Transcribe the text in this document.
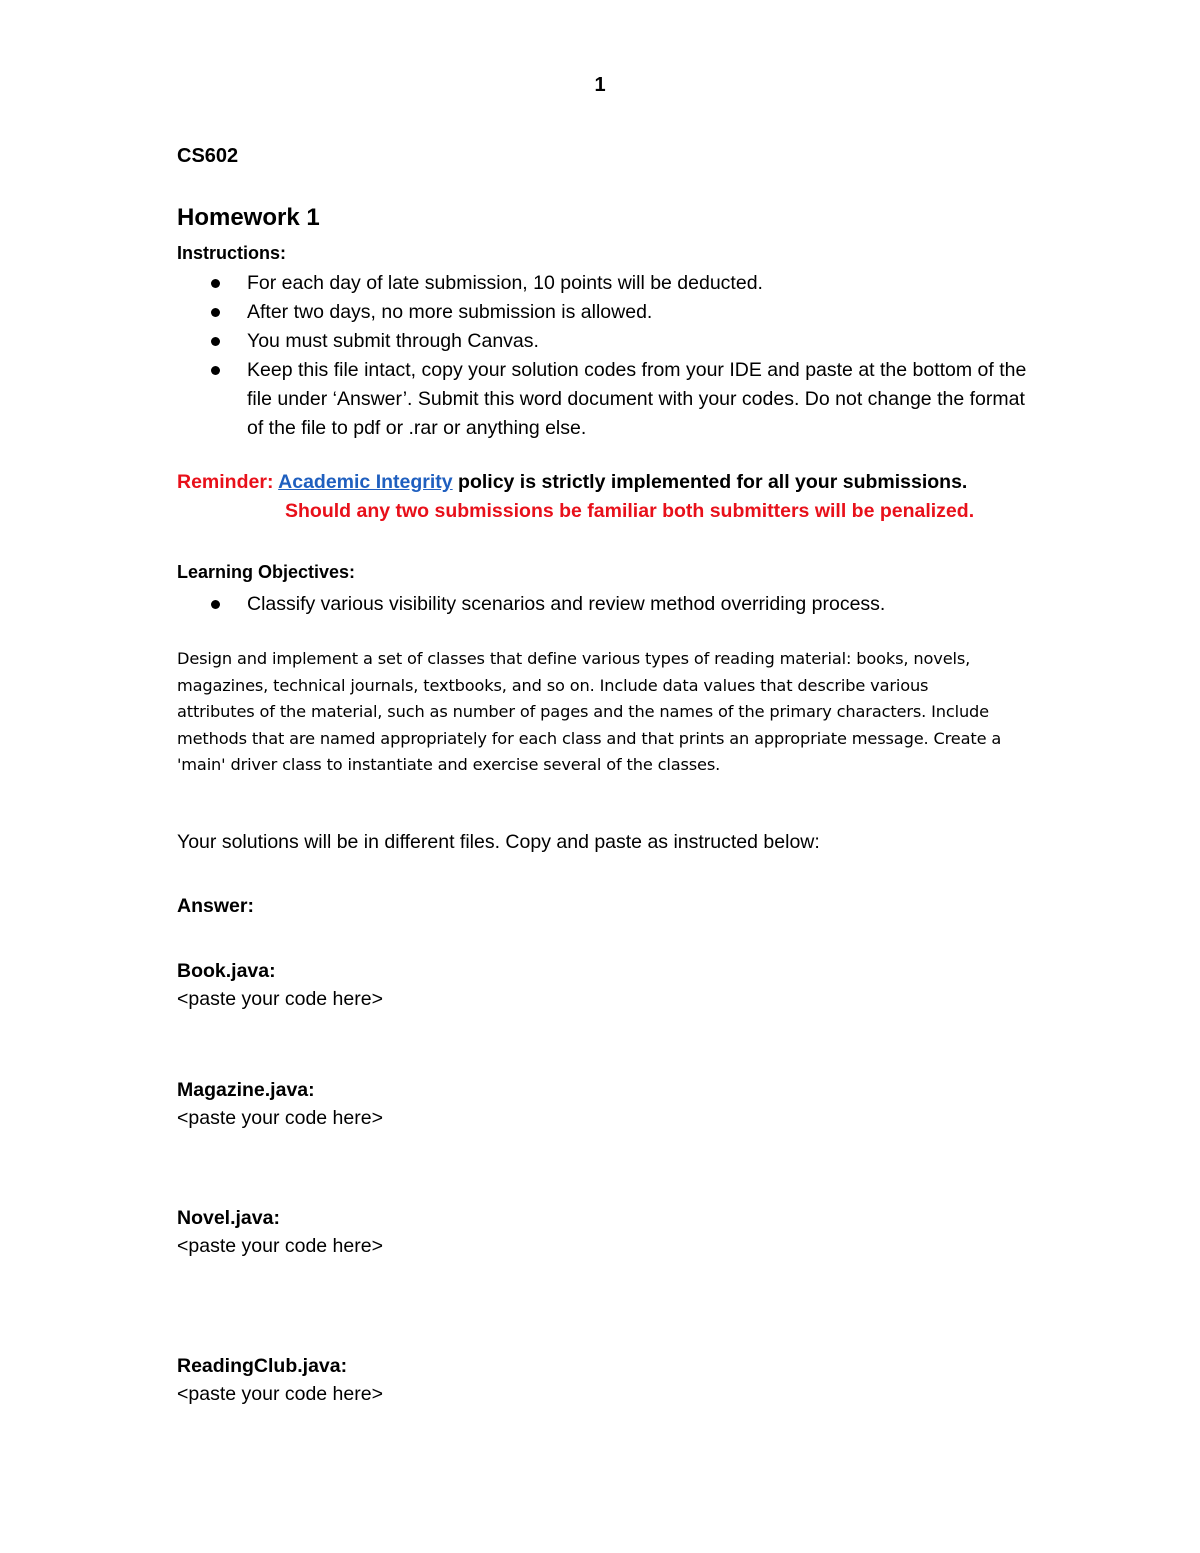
1
CS602
Homework 1
Instructions:
For each day of late submission, 10 points will be deducted.
After two days, no more submission is allowed.
You must submit through Canvas.
Keep this file intact, copy your solution codes from your IDE and paste at the bottom of the file under ‘Answer’. Submit this word document with your codes. Do not change the format of the file to pdf or .rar or anything else.
Reminder: Academic Integrity policy is strictly implemented for all your submissions.
Should any two submissions be familiar both submitters will be penalized.
Learning Objectives:
Classify various visibility scenarios and review method overriding process.
Design and implement a set of classes that define various types of reading material: books, novels, magazines, technical journals, textbooks, and so on. Include data values that describe various attributes of the material, such as number of pages and the names of the primary characters. Include methods that are named appropriately for each class and that prints an appropriate message. Create a 'main' driver class to instantiate and exercise several of the classes.
Your solutions will be in different files. Copy and paste as instructed below:
Answer:
Book.java:
<paste your code here>
Magazine.java:
<paste your code here>
Novel.java:
<paste your code here>
ReadingClub.java:
<paste your code here>
